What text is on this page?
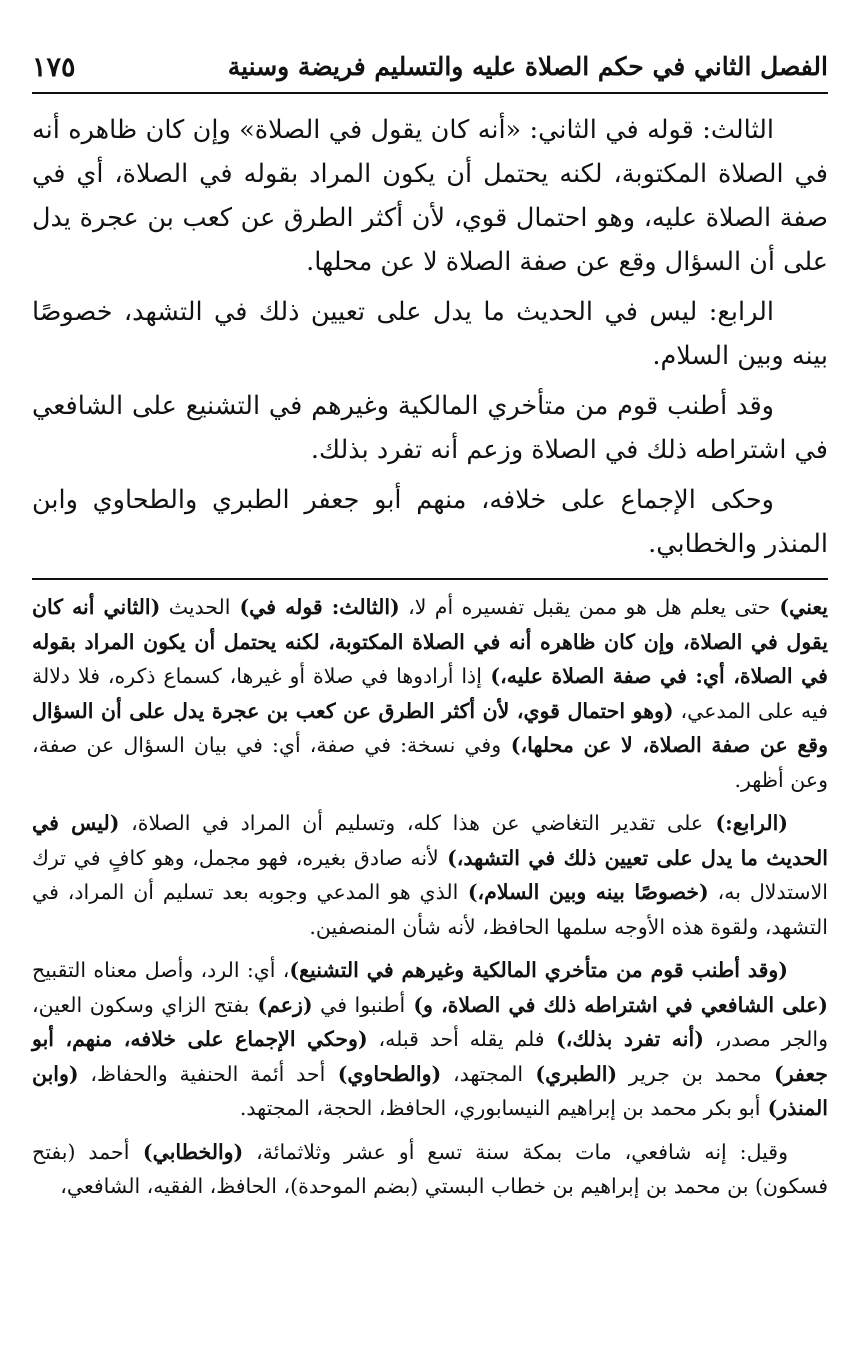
الفصل الثاني في حكم الصلاة عليه والتسليم فريضة وسنية
١٧٥

الثالث: قوله في الثاني: «أنه كان يقول في الصلاة» وإن كان ظاهره أنه في الصلاة المكتوبة، لكنه يحتمل أن يكون المراد بقوله في الصلاة، أي في صفة الصلاة عليه، وهو احتمال قوي، لأن أكثر الطرق عن كعب بن عجرة يدل على أن السؤال وقع عن صفة الصلاة لا عن محلها.

الرابع: ليس في الحديث ما يدل على تعيين ذلك في التشهد، خصوصًا بينه وبين السلام.

وقد أطنب قوم من متأخري المالكية وغيرهم في التشنيع على الشافعي في اشتراطه ذلك في الصلاة وزعم أنه تفرد بذلك.

وحكى الإجماع على خلافه، منهم أبو جعفر الطبري والطحاوي وابن المنذر والخطابي.

يعني) حتى يعلم هل هو ممن يقبل تفسيره أم لا، (الثالث: قوله في) الحديث (الثاني أنه كان يقول في الصلاة، وإن كان ظاهره أنه في الصلاة المكتوبة، لكنه يحتمل أن يكون المراد بقوله في الصلاة، أي: في صفة الصلاة عليه،) إذا أرادوها في صلاة أو غيرها، كسماع ذكره، فلا دلالة فيه على المدعي، (وهو احتمال قوي، لأن أكثر الطرق عن كعب بن عجرة يدل على أن السؤال وقع عن صفة الصلاة، لا عن محلها،) وفي نسخة: في صفة، أي: في بيان السؤال عن صفة، وعن أظهر.

(الرابع:) على تقدير التغاضي عن هذا كله، وتسليم أن المراد في الصلاة، (ليس في الحديث ما يدل على تعيين ذلك في التشهد،) لأنه صادق بغيره، فهو مجمل، وهو كافٍ في ترك الاستدلال به، (خصوصًا بينه وبين السلام،) الذي هو المدعي وجوبه بعد تسليم أن المراد، في التشهد، ولقوة هذه الأوجه سلمها الحافظ، لأنه شأن المنصفين.

(وقد أطنب قوم من متأخري المالكية وغيرهم في التشنيع)، أي: الرد، وأصل معناه التقبيح (على الشافعي في اشتراطه ذلك في الصلاة، و) أطنبوا في (زعم) بفتح الزاي وسكون العين، والجر مصدر، (أنه تفرد بذلك،) فلم يقله أحد قبله، (وحكي الإجماع على خلافه، منهم، أبو جعفر) محمد بن جرير (الطبري) المجتهد، (والطحاوي) أحد أئمة الحنفية والحفاظ، (وابن المنذر) أبو بكر محمد بن إبراهيم النيسابوري، الحافظ، الحجة، المجتهد.

وقيل: إنه شافعي، مات بمكة سنة تسع أو عشر وثلاثمائة، (والخطابي) أحمد (بفتح فسكون) بن محمد بن إبراهيم بن خطاب البستي (بضم الموحدة)، الحافظ، الفقيه، الشافعي،
